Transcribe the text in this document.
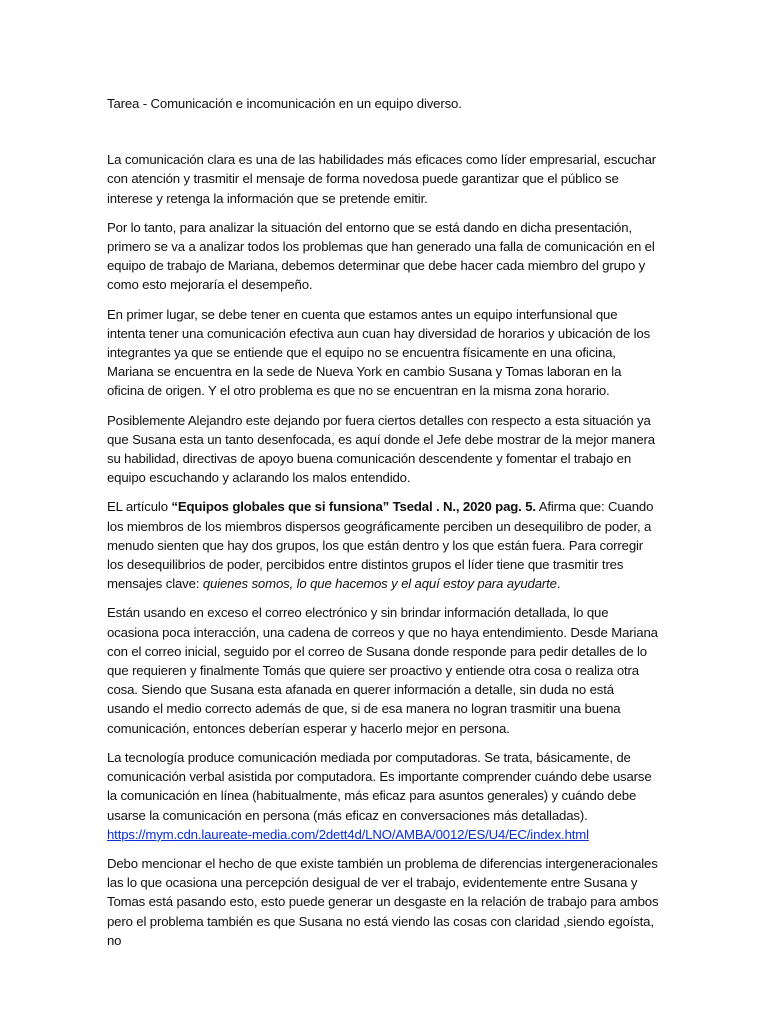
Tarea - Comunicación e incomunicación en un equipo diverso.

La comunicación clara es una de las habilidades más eficaces como líder empresarial, escuchar con atención y trasmitir el mensaje de forma novedosa puede garantizar que el público se interese y retenga la información que se pretende emitir.

Por lo tanto, para analizar la situación del entorno que se está dando en dicha presentación, primero se va a analizar todos los problemas que han generado una falla de comunicación en el equipo de trabajo de Mariana, debemos determinar que debe hacer cada miembro del grupo y como esto mejoraría el desempeño.

En primer lugar, se debe tener en cuenta que estamos antes un equipo interfunsional que intenta tener una comunicación efectiva aun cuan hay diversidad de horarios y ubicación de los integrantes ya que se entiende que el equipo no se encuentra físicamente en una oficina, Mariana se encuentra en la sede de Nueva York en cambio Susana y Tomas laboran en la oficina de origen. Y el otro problema es que no se encuentran en la misma zona horario.

Posiblemente Alejandro este dejando por fuera ciertos detalles con respecto a esta situación ya que Susana esta un tanto desenfocada, es aquí donde el Jefe debe mostrar de la mejor manera su habilidad, directivas de apoyo buena comunicación descendente y fomentar el trabajo en equipo escuchando y aclarando los malos entendido.

EL artículo “Equipos globales que si funsiona” Tsedal . N., 2020 pag. 5. Afirma que: Cuando los miembros de los miembros dispersos geográficamente perciben un desequilibro de poder, a menudo sienten que hay dos grupos, los que están dentro y los que están fuera. Para corregir los desequilibrios de poder, percibidos entre distintos grupos el líder tiene que trasmitir tres mensajes clave: quienes somos, lo que hacemos y el aquí estoy para ayudarte.

Están usando en exceso el correo electrónico y sin brindar información detallada, lo que ocasiona poca interacción, una cadena de correos y que no haya entendimiento. Desde Mariana con el correo inicial, seguido por el correo de Susana donde responde para pedir detalles de lo que requieren y finalmente Tomás que quiere ser proactivo y entiende otra cosa o realiza otra cosa. Siendo que Susana esta afanada en querer información a detalle, sin duda no está usando el medio correcto además de que, si de esa manera no logran trasmitir una buena comunicación, entonces deberían esperar y hacerlo mejor en persona.

La tecnología produce comunicación mediada por computadoras. Se trata, básicamente, de comunicación verbal asistida por computadora. Es importante comprender cuándo debe usarse la comunicación en línea (habitualmente, más eficaz para asuntos generales) y cuándo debe usarse la comunicación en persona (más eficaz en conversaciones más detalladas). https://mym.cdn.laureate-media.com/2dett4d/LNO/AMBA/0012/ES/U4/EC/index.html

Debo mencionar el hecho de que existe también un problema de diferencias intergeneracionales las lo que ocasiona una percepción desigual de ver el trabajo, evidentemente entre Susana y Tomas está pasando esto, esto puede generar un desgaste en la relación de trabajo para ambos pero el problema también es que Susana no está viendo las cosas con claridad ,siendo egoísta, no
